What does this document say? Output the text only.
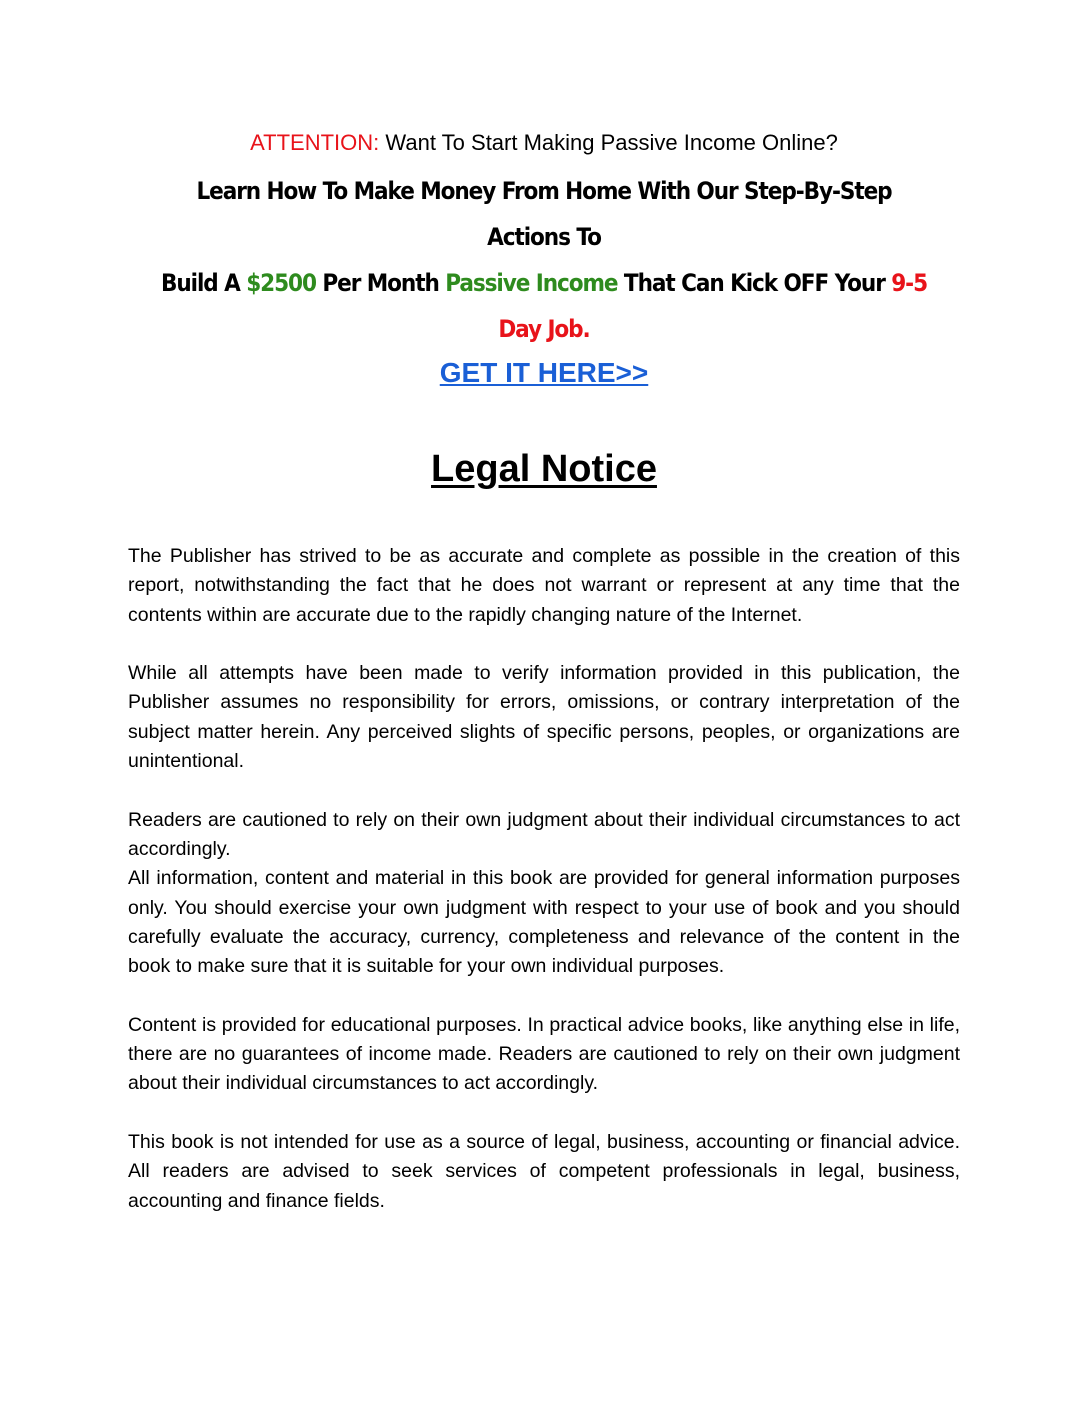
ATTENTION: Want To Start Making Passive Income Online?
Learn How To Make Money From Home With Our Step-By-Step
Actions To
Build A $2500 Per Month Passive Income That Can Kick OFF Your 9-5
Day Job.
GET IT HERE>>
Legal Notice

The Publisher has strived to be as accurate and complete as possible in the creation of this report, notwithstanding the fact that he does not warrant or represent at any time that the contents within are accurate due to the rapidly changing nature of the Internet.

While all attempts have been made to verify information provided in this publication, the Publisher assumes no responsibility for errors, omissions, or contrary interpretation of the subject matter herein. Any perceived slights of specific persons, peoples, or organizations are unintentional.

Readers are cautioned to rely on their own judgment about their individual circumstances to act accordingly.

All information, content and material in this book are provided for general information purposes only. You should exercise your own judgment with respect to your use of book and you should carefully evaluate the accuracy, currency, completeness and relevance of the content in the book to make sure that it is suitable for your own individual purposes.

Content is provided for educational purposes. In practical advice books, like anything else in life, there are no guarantees of income made. Readers are cautioned to rely on their own judgment about their individual circumstances to act accordingly.

This book is not intended for use as a source of legal, business, accounting or financial advice. All readers are advised to seek services of competent professionals in legal, business, accounting and finance fields.
